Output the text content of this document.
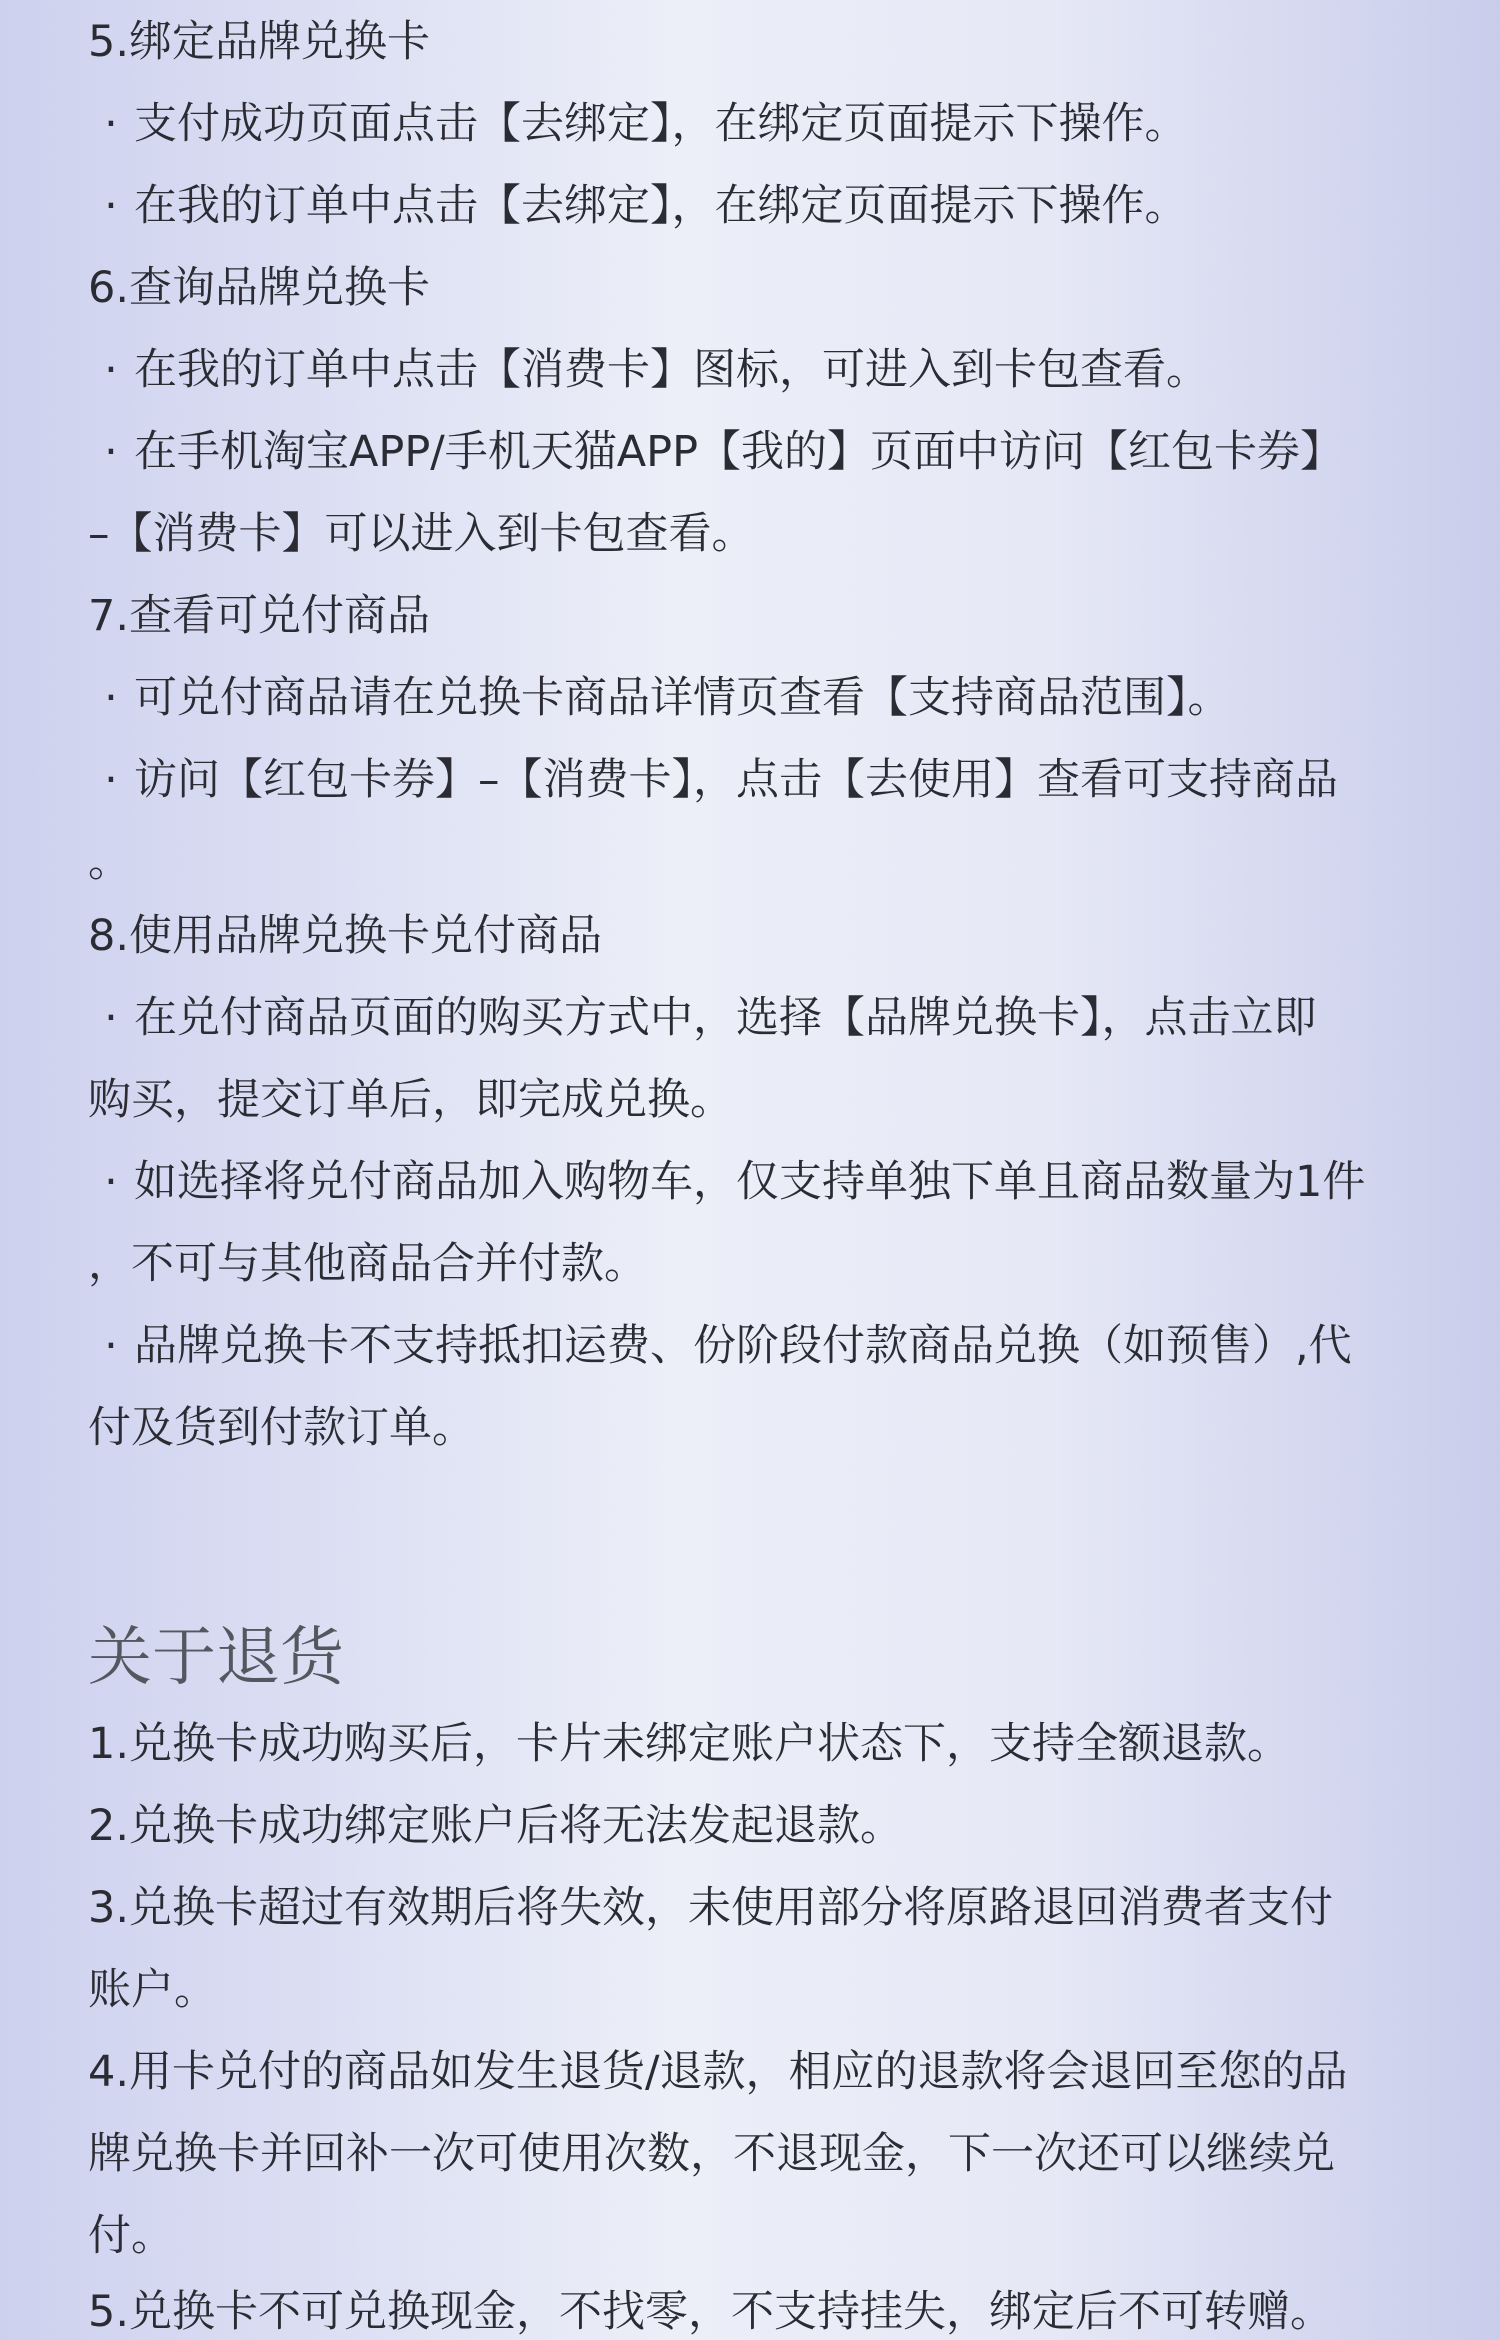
5.绑定品牌兑换卡
· 支付成功页面点击【去绑定】，在绑定页面提示下操作。
· 在我的订单中点击【去绑定】，在绑定页面提示下操作。
6.查询品牌兑换卡
· 在我的订单中点击【消费卡】图标，可进入到卡包查看。
· 在手机淘宝APP/手机天猫APP【我的】页面中访问【红包卡券】
–【消费卡】可以进入到卡包查看。
7.查看可兑付商品
· 可兑付商品请在兑换卡商品详情页查看【支持商品范围】。
· 访问【红包卡券】–【消费卡】，点击【去使用】查看可支持商品
。
8.使用品牌兑换卡兑付商品
· 在兑付商品页面的购买方式中，选择【品牌兑换卡】，点击立即
购买，提交订单后，即完成兑换。
· 如选择将兑付商品加入购物车，仅支持单独下单且商品数量为1件
，不可与其他商品合并付款。
· 品牌兑换卡不支持抵扣运费、份阶段付款商品兑换（如预售）,代
付及货到付款订单。
关于退货
1.兑换卡成功购买后，卡片未绑定账户状态下，支持全额退款。
2.兑换卡成功绑定账户后将无法发起退款。
3.兑换卡超过有效期后将失效，未使用部分将原路退回消费者支付
账户。
4.用卡兑付的商品如发生退货/退款，相应的退款将会退回至您的品
牌兑换卡并回补一次可使用次数，不退现金，下一次还可以继续兑
付。
5.兑换卡不可兑换现金，不找零，不支持挂失，绑定后不可转赠。
